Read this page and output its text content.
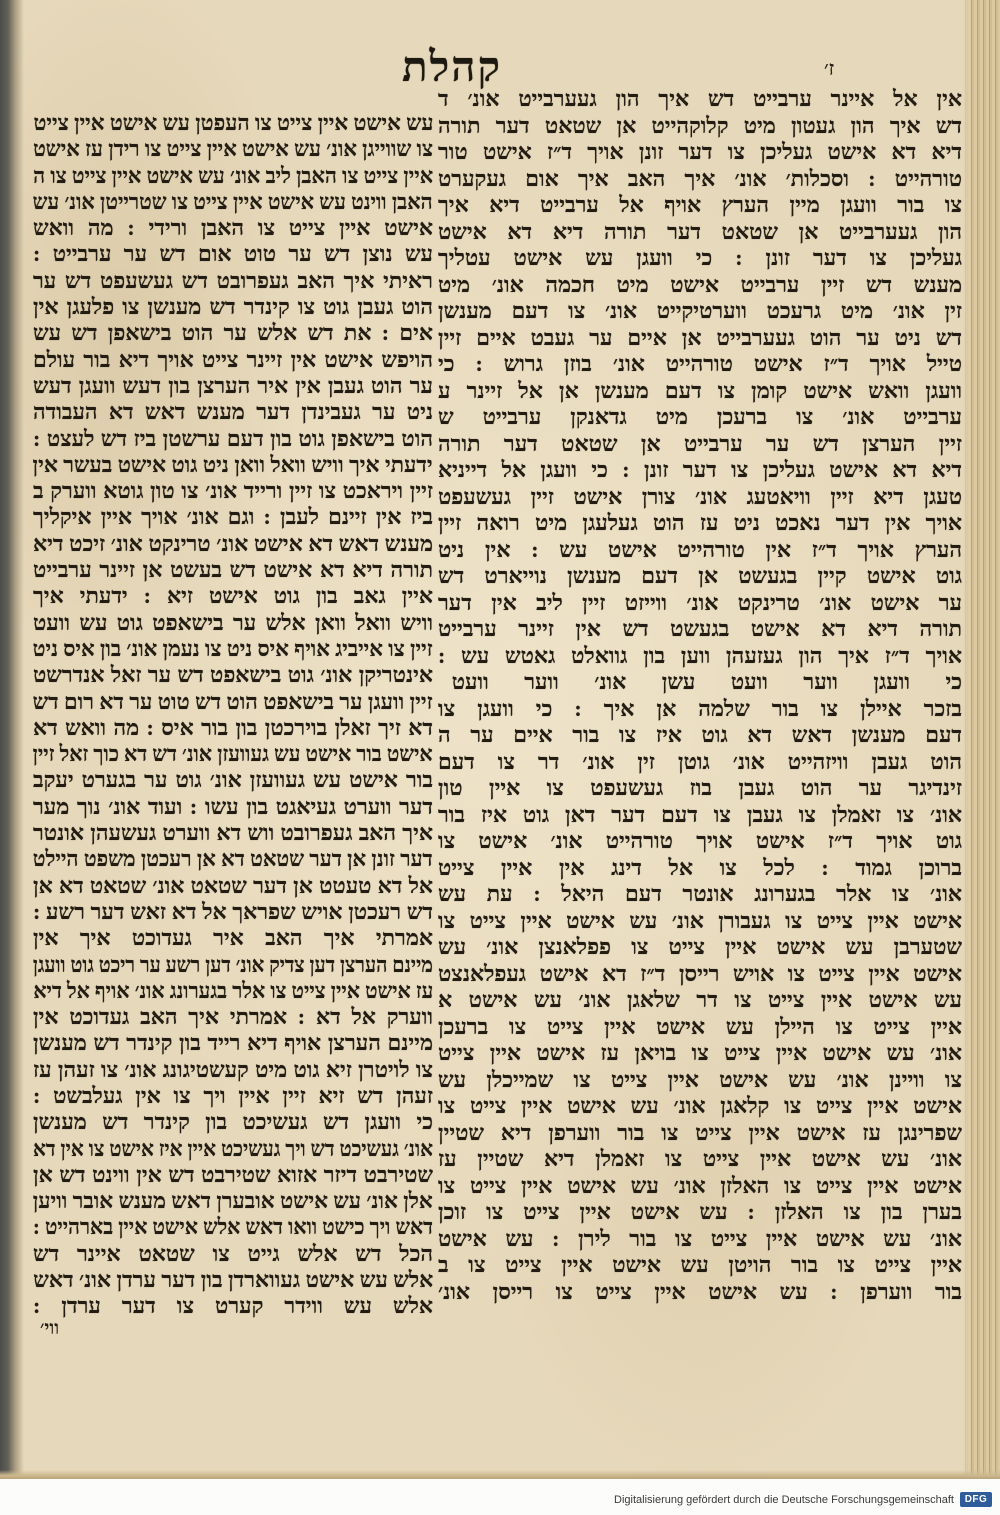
קהלת	ז׳
אין אל איינר ערבייט דש איך הון געערבייט אונ׳ ד
דש איך הון געטון מיט קלוקהייט אן שטאט דער תורה
דיא דא אישט געליכן צו דער זונן אויך ד״ז אישט טור
טורהייט : וסכלות׳ אונ׳ איך האב איך אום געקערט
צו בור וועגן מיין הערץ אויף אל ערבייט דיא איך
הון געערבייט אן שטאט דער תורה דיא דא אישט
געליכן צו דער זונן : כי וועגן עש אישט עטליך
מענש דש זיין ערבייט אישט מיט חכמה אונ׳ מיט
זין אונ׳ מיט גרעכט ווערטיקייט אונ׳ צו דעם מענשן
דש ניט ער הוט געערבייט אן איים ער געבט איים זיין
טייל אויך ד״ז אישט טורהייט אונ׳ בוזן גרוש : כי
וועגן וואש אישט קומן צו דעם מענשן אן אל זיינר ע
ערבייט אונ׳ צו ברעכן מיט גדאנקן ערבייט ש
זיין הערצן דש ער ערבייט אן שטאט דער תורה
דיא דא אישט געליכן צו דער זונן : כי וועגן אל דייניא
טעגן דיא זיין וויאטעג אונ׳ צורן אישט זיין געשעפט
אויך אין דער נאכט ניט עז הוט געלעגן מיט רואה זיין
הערץ אויך ד״ז אין טורהייט אישט עש : אין ניט
גוט אישט קיין בגעשט אן דעם מענשן נוייארט דש
ער אישט אונ׳ טרינקט אונ׳ ווייזט זיין ליב אין דער
תורה דיא דא אישט בגעשט דש אין זיינר ערבייט
אויך ד״ז איך הון געזעהן ווען בון גוואלט גאטש עש :
כי וועגן ווער וועט עשן אונ׳ ווער וועט
בזכר איילן צו בור שלמה אן איך : כי וועגן צו
דעם מענשן דאש דא גוט איז צו בור איים ער ה
הוט געבן וויזהייט אונ׳ גוטן זין אונ׳ דר צו דעם
זינדיגר ער הוט געבן בוז געשעפט צו איין טון
אונ׳ צו זאמלן צו געבן צו דעם דער דאן גוט איז בור
גוט אויך ד״ז אישט אויך טורהייט אונ׳ אישט צו
ברוכן גמוד : לכל צו אל דינג אין איין צייט
אונ׳ צו אלר בגערונג אונטר דעם היאל : עת עש
אישט איין צייט צו געבורן אונ׳ עש אישט איין צייט צו
שטערבן עש אישט איין צייט צו פפלאנצן אונ׳ עש
אישט איין צייט צו אויש רייסן ד״ז דא אישט געפלאנצט
עש אישט איין צייט צו דר שלאגן אונ׳ עש אישט א
איין צייט צו היילן עש אישט איין צייט צו ברעכן
אונ׳ עש אישט איין צייט צו בויאן עז אישט איין צייט
צו וויינן אונ׳ עש אישט איין צייט צו שמייכלן עש
אישט איין צייט צו קלאגן אונ׳ עש אישט איין צייט צו
שפרינגן עז אישט איין צייט צו בור ווערפן דיא שטיין
אונ׳ עש אישט איין צייט צו זאמלן דיא שטיין עז
אישט איין צייט צו האלזן אונ׳ עש אישט איין צייט צו
בערן בון צו האלזן : עש אישט איין צייט צו זוכן
אונ׳ עש אישט איין צייט צו בור לירן : עש אישט
איין צייט צו בור הויטן עש אישט איין צייט צו ב
בור ווערפן : עש אישט איין צייט צו רייסן אונ׳
עש אישט איין צייט צו העפטן עש אישט איין צייט
צו שווייגן אונ׳ עש אישט איין צייט צו רידן עז אישט
איין צייט צו האבן ליב אונ׳ עש אישט איין צייט צו ה
האבן ווינט עש אישט איין צייט צו שטרייטן אונ׳ עש
אישט איין צייט צו האבן ורידי : מה וואש
עש נוצן דש ער טוט אום דש ער ערבייט :
ראיתי איך האב געפרובט דש געשעפט דש ער
הוט געבן גוט צו קינדר דש מענשן צו פלעגן אין
אים : את דש אלש ער הוט בישאפן דש עש
הויפש אישט אין זיינר צייט אויך דיא בור עולם
ער הוט געבן אין איר הערצן בון דעש וועגן דעש
ניט ער געבינדן דער מענש דאש דא העבודה
הוט בישאפן גוט בון דעם ערשטן ביז דש לעצט :
ידעתי איך וויש וואל וואן ניט גוט אישט בעשר אין
זיין ויראכט צו זיין ורייד אונ׳ צו טון גוטא ווערק ב
ביז אין זיינם לעבן : וגם אונ׳ אויך איין איקליך
מענש דאש דא אישט אונ׳ טרינקט אונ׳ זיכט דיא
תורה דיא דא אישט דש בעשט אן זיינר ערבייט
איין גאב בון גוט אישט זיא : ידעתי איך
וויש וואל וואן אלש ער בישאפט גוט עש וועט
זיין צו אייביג אויף איס ניט צו נעמן אונ׳ בון איס ניט
אינטריקן אונ׳ גוט בישאפט דש ער זאל אנדרשט
זיין וועגן ער בישאפט הוט דש טוט ער דא רום דש
דא זיך זאלן בוירכטן בון בור איס : מה וואש דא
אישט בור אישט עש געוועזן אונ׳ דש דא כוך זאל זיין
בור אישט עש געוועזן אונ׳ גוט ער בגערט יעקב
דער ווערט געיאגט בון עשו : ועוד אונ׳ נוך מער
איך האב געפרובט ווש דא ווערט געשעהן אונטר
דער זונן אן דער שטאט דא אן רעכטן משפט היילט
אל דא טעטט אן דער שטאט אונ׳ שטאט דא אן
דש רעכטן אויש שפראך אל דא זאש דער רשע :
אמרתי איך האב איר געדוכט איך אין
מיינם הערצן דען צדיק אונ׳ דען רשע ער ריכט גוט וועגן
עז אישט איין צייט צו אלר בגערונג אונ׳ אויף אל דיא
ווערק אל דא : אמרתי איך האב געדוכט אין
מיינם הערצן אויף דיא רייד בון קינדר דש מענשן
צו לויטרן זיא גוט מיט קעשטיגונג אונ׳ צו זעהן עז
זעהן דש זיא זיין איין ויך צו אין געלבשט :
כי וועגן דש געשיכט בון קינדר דש מענשן
אונ׳ געשיכט דש ויך געשיכט איין איז אישט צו אין דא
שטירבט דיזר אזוא שטירבט דש אין ווינט דש אן
אלן אונ׳ עש אישט אובערן דאש מענש אובר וויען
דאש ויך כישט וואו דאש אלש אישט איין בארהייט :
הכל דש אלש גייט צו שטאט איינר דש
אלש עש אישט געווארדן בון דער ערדן אונ׳ דאש
אלש עש ווידר קערט צו דער ערדן :
ווי׳
Digitalisierung gefördert durch die Deutsche Forschungsgemeinschaft	DFG
